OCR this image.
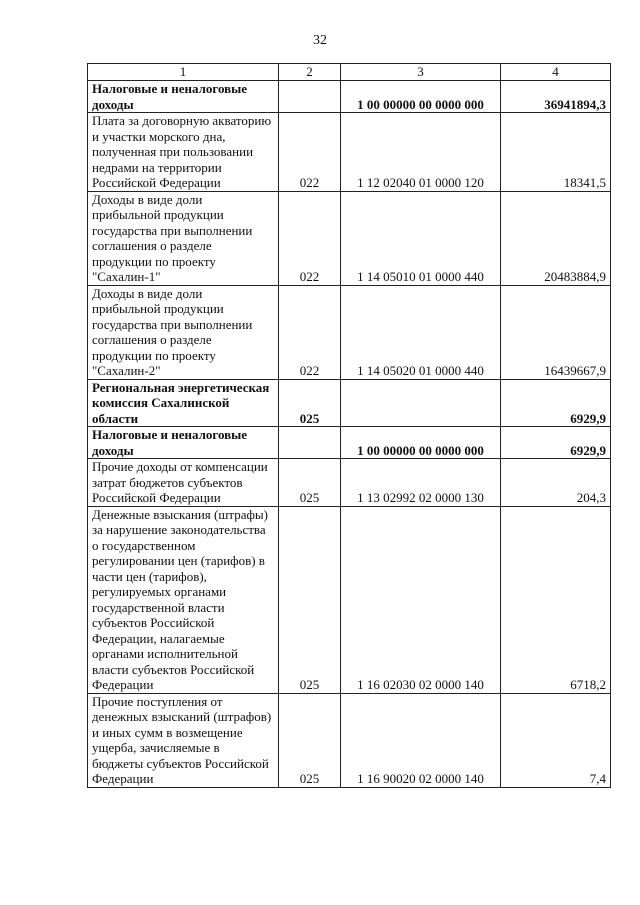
32
1	2	3	4
Налоговые и неналоговые доходы		1 00 00000 00 0000 000	36941894,3
Плата за договорную акваторию и участки морского дна, полученная при пользовании недрами на территории Российской Федерации	022	1 12 02040 01 0000 120	18341,5
Доходы в виде доли прибыльной продукции государства при выполнении соглашения о разделе продукции по проекту "Сахалин-1"	022	1 14 05010 01 0000 440	20483884,9
Доходы в виде доли прибыльной продукции государства при выполнении соглашения о разделе продукции по проекту "Сахалин-2"	022	1 14 05020 01 0000 440	16439667,9
Региональная энергетическая комиссия Сахалинской области	025		6929,9
Налоговые и неналоговые доходы		1 00 00000 00 0000 000	6929,9
Прочие доходы от компенсации затрат бюджетов субъектов Российской Федерации	025	1 13 02992 02 0000 130	204,3
Денежные взыскания (штрафы) за нарушение законодательства о государственном регулировании цен (тарифов) в части цен (тарифов), регулируемых органами государственной власти субъектов Российской Федерации, налагаемые органами исполнительной власти субъектов Российской Федерации	025	1 16 02030 02 0000 140	6718,2
Прочие поступления от денежных взысканий (штрафов) и иных сумм в возмещение ущерба, зачисляемые в бюджеты субъектов Российской Федерации	025	1 16 90020 02 0000 140	7,4
